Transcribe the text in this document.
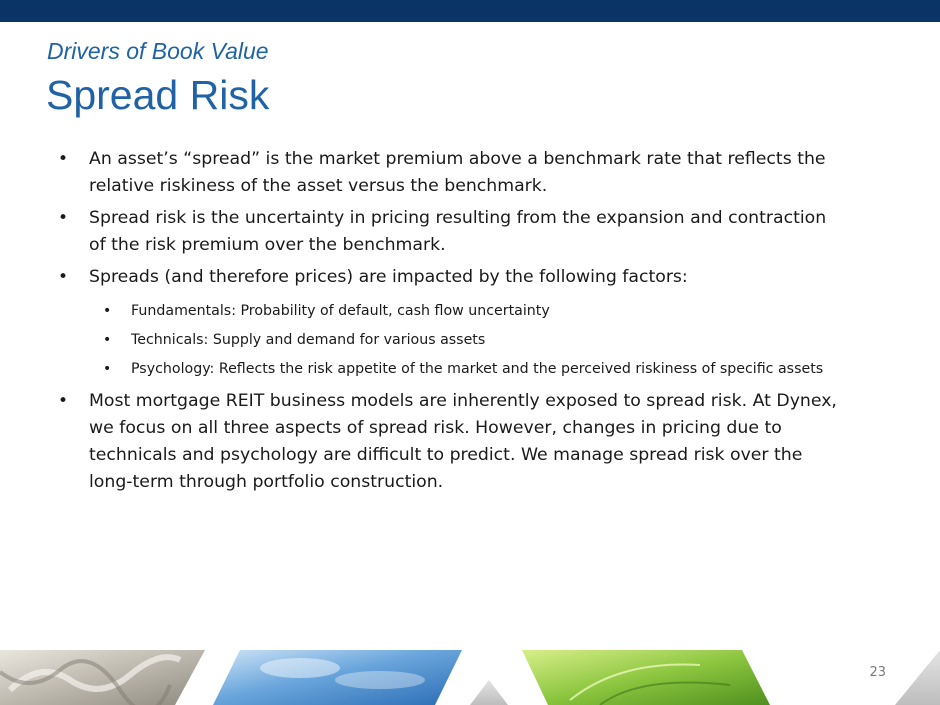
Drivers of Book Value
Spread Risk
• An asset’s “spread” is the market premium above a benchmark rate that reflects the relative riskiness of the asset versus the benchmark.
• Spread risk is the uncertainty in pricing resulting from the expansion and contraction of the risk premium over the benchmark.
• Spreads (and therefore prices) are impacted by the following factors:
• Fundamentals: Probability of default, cash flow uncertainty
• Technicals: Supply and demand for various assets
• Psychology: Reflects the risk appetite of the market and the perceived riskiness of specific assets
• Most mortgage REIT business models are inherently exposed to spread risk. At Dynex, we focus on all three aspects of spread risk. However, changes in pricing due to technicals and psychology are difficult to predict. We manage spread risk over the long-term through portfolio construction.
23
